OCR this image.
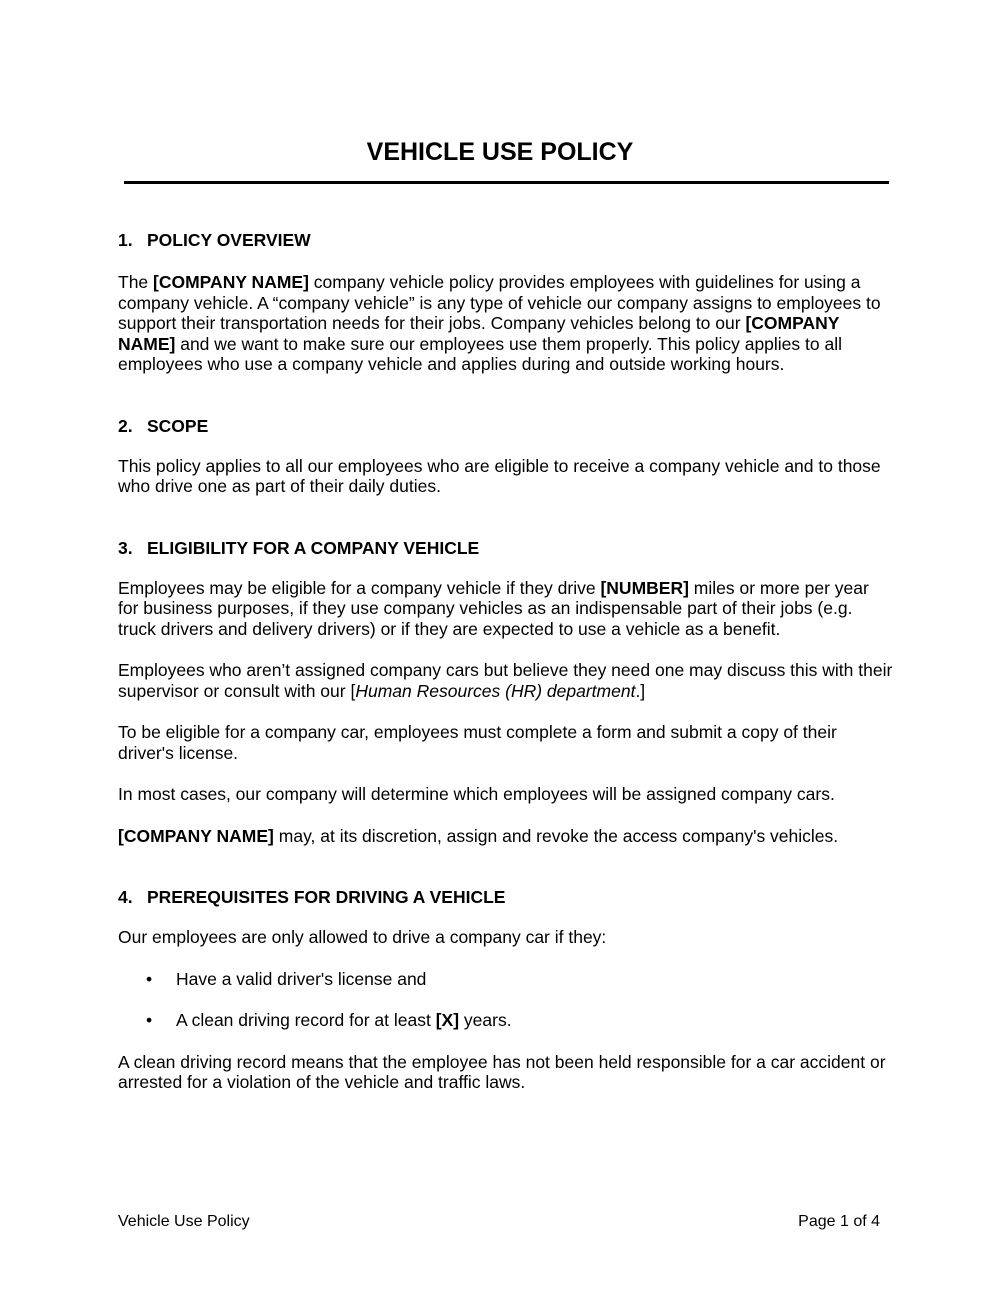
VEHICLE USE POLICY
1. POLICY OVERVIEW

The [COMPANY NAME] company vehicle policy provides employees with guidelines for using a company vehicle. A “company vehicle” is any type of vehicle our company assigns to employees to support their transportation needs for their jobs. Company vehicles belong to our [COMPANY NAME] and we want to make sure our employees use them properly. This policy applies to all employees who use a company vehicle and applies during and outside working hours.

2. SCOPE

This policy applies to all our employees who are eligible to receive a company vehicle and to those who drive one as part of their daily duties.

3. ELIGIBILITY FOR A COMPANY VEHICLE

Employees may be eligible for a company vehicle if they drive [NUMBER] miles or more per year for business purposes, if they use company vehicles as an indispensable part of their jobs (e.g. truck drivers and delivery drivers) or if they are expected to use a vehicle as a benefit.

Employees who aren’t assigned company cars but believe they need one may discuss this with their supervisor or consult with our [Human Resources (HR) department.]

To be eligible for a company car, employees must complete a form and submit a copy of their driver's license.

In most cases, our company will determine which employees will be assigned company cars.

[COMPANY NAME] may, at its discretion, assign and revoke the access company's vehicles.

4. PREREQUISITES FOR DRIVING A VEHICLE

Our employees are only allowed to drive a company car if they:

• Have a valid driver's license and
• A clean driving record for at least [X] years.

A clean driving record means that the employee has not been held responsible for a car accident or arrested for a violation of the vehicle and traffic laws.

Vehicle Use Policy	Page 1 of 4
